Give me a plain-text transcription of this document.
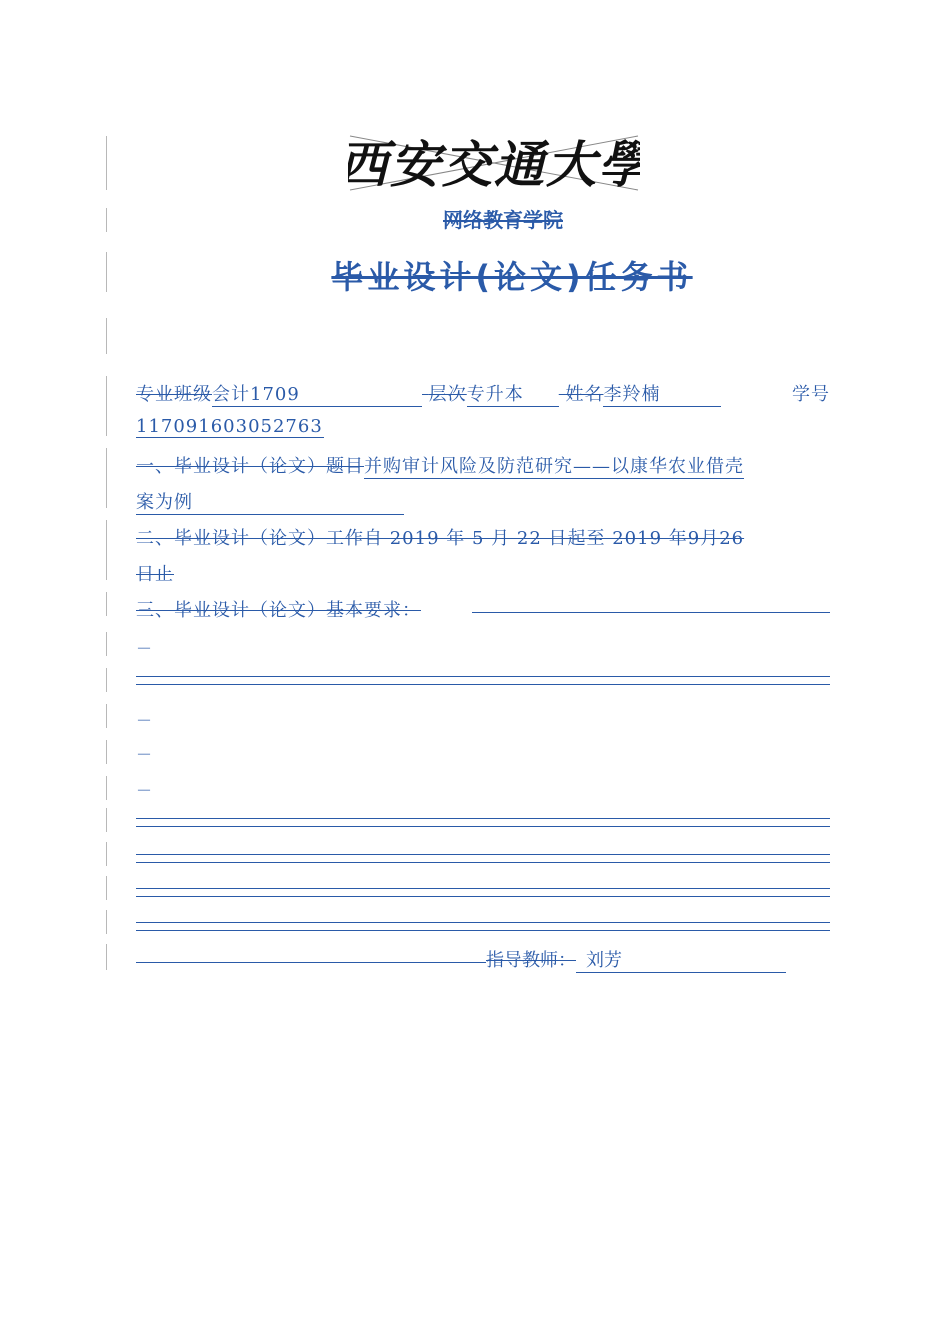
西安交通大學
网络教育学院
毕业设计(论文)任务书
专业班级会计1709	层次专升本 姓名李羚楠	学号
117091603052763
一、毕业设计（论文）题目并购审计风险及防范研究——以康华农业借壳
案为例
二、毕业设计（论文）工作自 2019 年 5 月 22 日起至 2019 年9月26
日止
三、毕业设计（论文）基本要求：
－
－
－
－
指导教师： 刘芳
